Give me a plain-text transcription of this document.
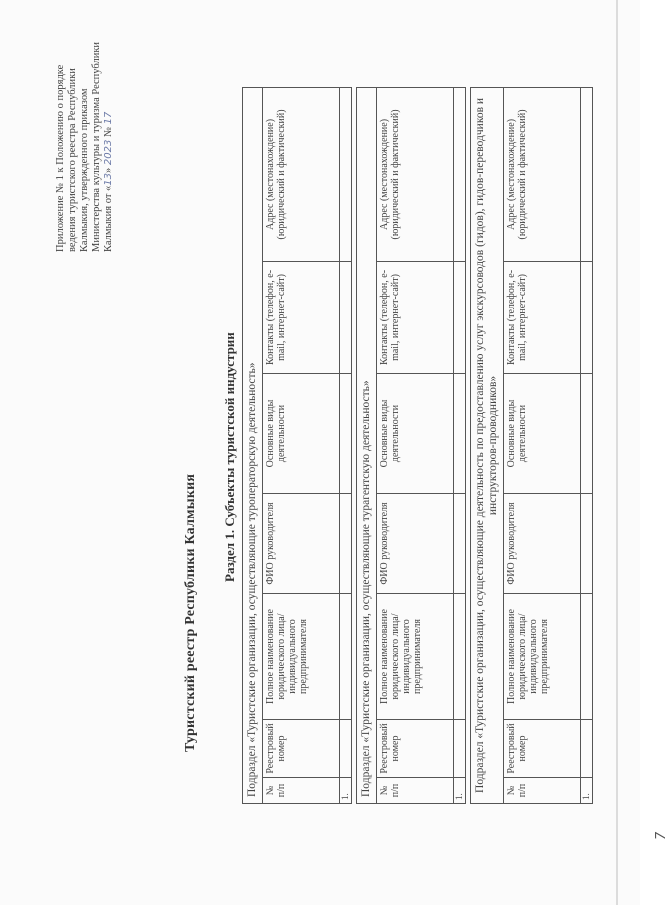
Приложение № 1 к Положению о порядке ведения туристского реестра Республики Калмыкия, утвержденного приказом Министерства культуры и туризма Республики Калмыкия от «13» 2023 № 17
Туристский реестр Республики Калмыкия
Раздел 1. Субъекты туристской индустрии Подраздел «Туристские организации, осуществляющие туроператорскую деятельность»						
№ п/п	Реестровый номер	Полное наименование юридического лица/индивидуального предпринимателя	ФИО руководителя	Основные виды деятельности	Контакты (телефон, e-mail, интернет-сайт)	Адрес (местонахождение) (юридический и фактический)
1.						

Подраздел «Туристские организации, осуществляющие турагентскую деятельность»						
№ п/п	Реестровый номер	Полное наименование юридического лица/индивидуального предпринимателя	ФИО руководителя	Основные виды деятельности	Контакты (телефон, e-mail, интернет-сайт)	Адрес (местонахождение) (юридический и фактический)
1.						

Подраздел «Туристские организации, осуществляющие деятельность по предоставлению услуг экскурсоводов (гидов), гидов-переводчиков и инструкторов-проводников»						
№ п/п	Реестровый номер	Полное наименование юридического лица/индивидуального предпринимателя	ФИО руководителя	Основные виды деятельности	Контакты (телефон, e-mail, интернет-сайт)	Адрес (местонахождение) (юридический и фактический)
1.						
7
